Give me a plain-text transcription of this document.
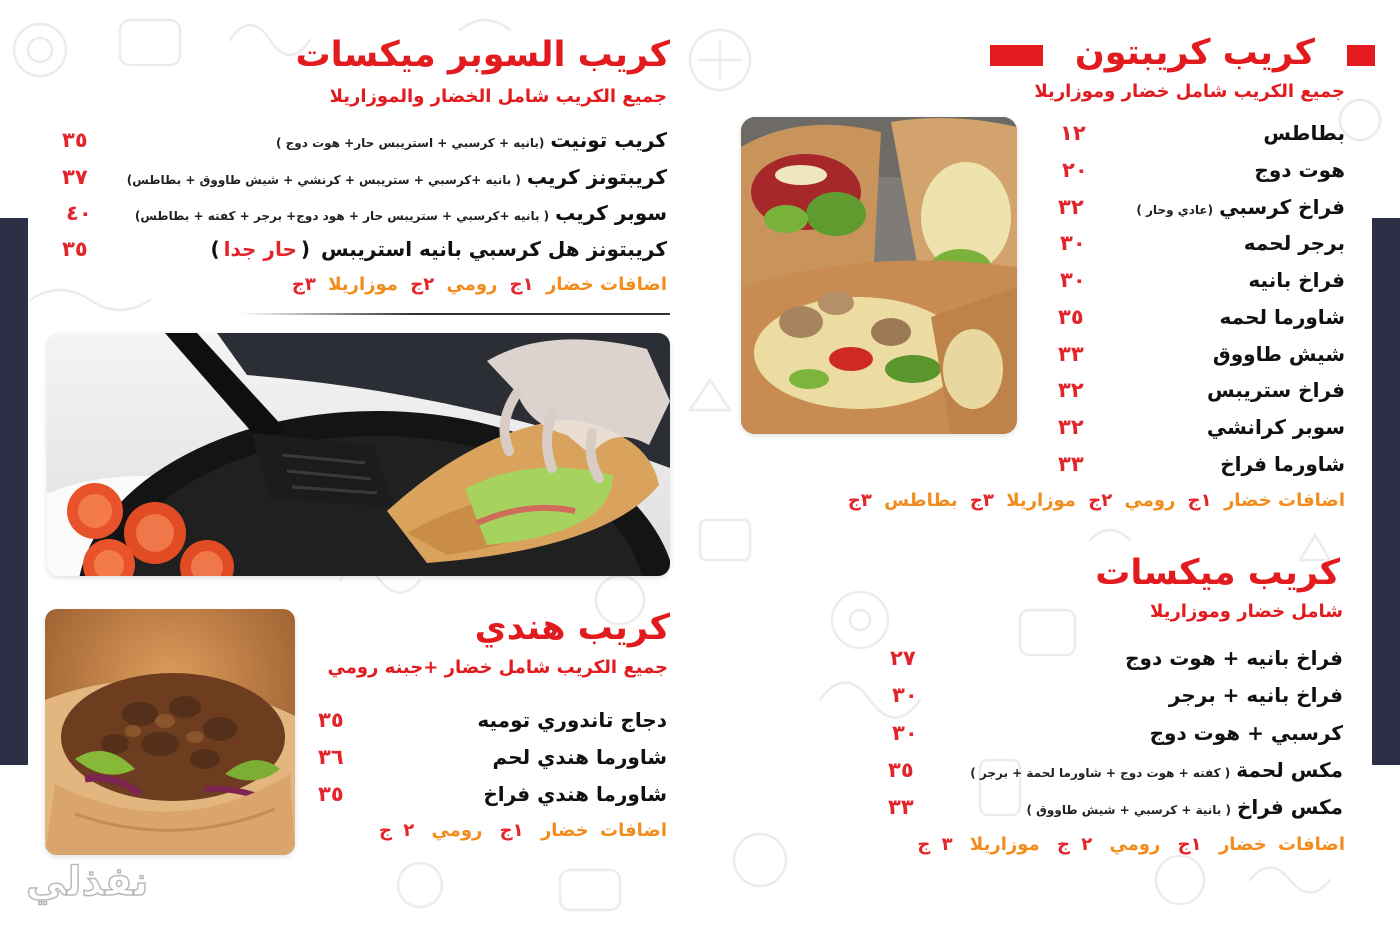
كريب السوبر ميكسات
جميع الكريب شامل الخضار والموزاريلا
كريب تونيت(بانيه + كرسبي + استريبس حار+ هوت دوج )
٣٥
كريبتونز كريب( بانيه +كرسبي + ستريبس + كرنشي + شيش طاووق + بطاطس)
٣٧
سوبر كريب( بانيه +كرسبي + ستريبس حار + هود دوج+ برجر + كفته + بطاطس)
٤٠
كريبتونز هل كرسبي بانيه استريبس (حار جدا)
٣٥
اضافات خضار ١ج رومي ٢ج موزاريلا ٣ج
كريب هندي
جميع الكريب شامل خضار +جبنه رومي
دجاج تاندوري توميه
٣٥
شاورما هندي لحم
٣٦
شاورما هندي فراخ
٣٥
اضافات خضار ١ج رومي ٢ ج
نفذلي
كريب كريبتون
جميع الكريب شامل خضار وموزاريلا
بطاطس
١٢
هوت دوج
٢٠
فراخ كرسبي(عادي وحار )
٣٢
برجر لحمه
٣٠
فراخ بانيه
٣٠
شاورما لحمه
٣٥
شيش طاووق
٣٣
فراخ ستريبس
٣٢
سوبر كرانشي
٣٢
شاورما فراخ
٣٣
اضافات خضار ١ج رومي ٢ج موزاريلا ٣ج بطاطس ٣ج
كريب ميكسات
شامل خضار وموزاريلا
فراخ بانيه + هوت دوج
٢٧
فراخ بانيه + برجر
٣٠
كرسبي + هوت دوج
٣٠
مكس لحمة( كفته + هوت دوج + شاورما لحمة + برجر )
٣٥
مكس فراخ( بانية + كرسبي + شيش طاووق )
٣٣
اضافات خضار ١ج رومي ٢ ج موزاريلا ٣ ج
